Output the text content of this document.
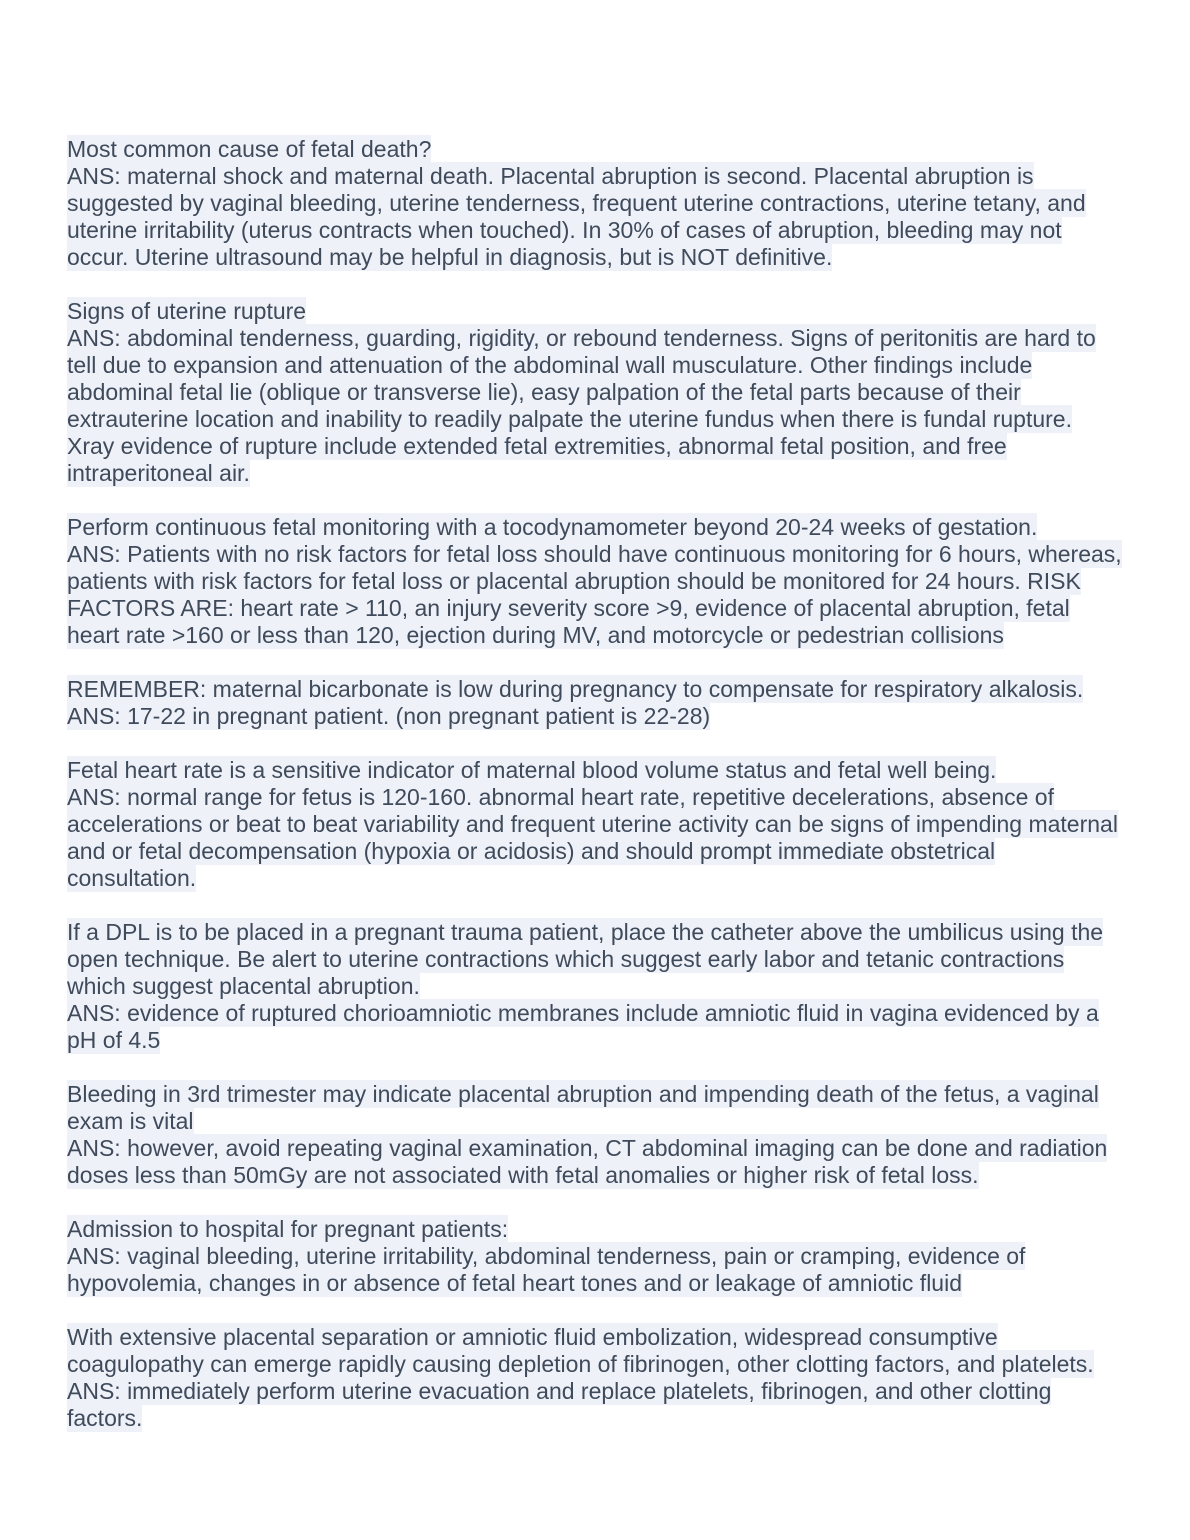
Most common cause of fetal death?
ANS: maternal shock and maternal death. Placental abruption is second. Placental abruption is suggested by vaginal bleeding, uterine tenderness, frequent uterine contractions, uterine tetany, and uterine irritability (uterus contracts when touched). In 30% of cases of abruption, bleeding may not occur. Uterine ultrasound may be helpful in diagnosis, but is NOT definitive.
Signs of uterine rupture
ANS: abdominal tenderness, guarding, rigidity, or rebound tenderness. Signs of peritonitis are hard to tell due to expansion and attenuation of the abdominal wall musculature. Other findings include abdominal fetal lie (oblique or transverse lie), easy palpation of the fetal parts because of their extrauterine location and inability to readily palpate the uterine fundus when there is fundal rupture. Xray evidence of rupture include extended fetal extremities, abnormal fetal position, and free intraperitoneal air.
Perform continuous fetal monitoring with a tocodynamometer beyond 20-24 weeks of gestation.
ANS: Patients with no risk factors for fetal loss should have continuous monitoring for 6 hours, whereas, patients with risk factors for fetal loss or placental abruption should be monitored for 24 hours. RISK FACTORS ARE: heart rate > 110, an injury severity score >9, evidence of placental abruption, fetal heart rate >160 or less than 120, ejection during MV, and motorcycle or pedestrian collisions
REMEMBER: maternal bicarbonate is low during pregnancy to compensate for respiratory alkalosis.
ANS: 17-22 in pregnant patient. (non pregnant patient is 22-28)
Fetal heart rate is a sensitive indicator of maternal blood volume status and fetal well being.
ANS: normal range for fetus is 120-160. abnormal heart rate, repetitive decelerations, absence of accelerations or beat to beat variability and frequent uterine activity can be signs of impending maternal and or fetal decompensation (hypoxia or acidosis) and should prompt immediate obstetrical consultation.
If a DPL is to be placed in a pregnant trauma patient, place the catheter above the umbilicus using the open technique. Be alert to uterine contractions which suggest early labor and tetanic contractions which suggest placental abruption.
ANS: evidence of ruptured chorioamniotic membranes include amniotic fluid in vagina evidenced by a pH of 4.5
Bleeding in 3rd trimester may indicate placental abruption and impending death of the fetus, a vaginal exam is vital
ANS: however, avoid repeating vaginal examination, CT abdominal imaging can be done and radiation doses less than 50mGy are not associated with fetal anomalies or higher risk of fetal loss.
Admission to hospital for pregnant patients:
ANS: vaginal bleeding, uterine irritability, abdominal tenderness, pain or cramping, evidence of hypovolemia, changes in or absence of fetal heart tones and or leakage of amniotic fluid
With extensive placental separation or amniotic fluid embolization, widespread consumptive coagulopathy can emerge rapidly causing depletion of fibrinogen, other clotting factors, and platelets.
ANS: immediately perform uterine evacuation and replace platelets, fibrinogen, and other clotting factors.
